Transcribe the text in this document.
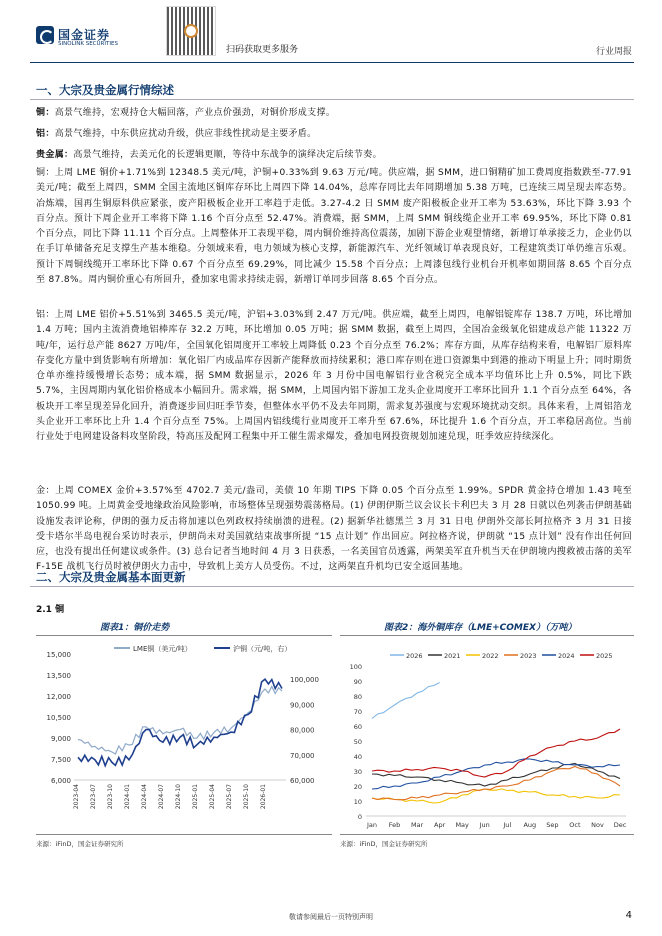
国金证券
SINOLINK SECURITIES
扫码获取更多服务	行业周报
一、大宗及贵金属行情综述
铜：高景气维持，宏观持仓大幅回落，产业点价强劲，对铜价形成支撑。
铝：高景气维持，中东供应扰动升级，供应非线性扰动是主要矛盾。
贵金属：高景气维持，去美元化的长逻辑更顺，等待中东战争的演绎决定后续节奏。
铜：上周 LME 铜价+1.71%到 12348.5 美元/吨，沪铜+0.33%到 9.63 万元/吨。供应端，据 SMM，进口铜精矿加工费周度指数跌至-77.91 美元/吨；截至上周四，SMM 全国主流地区铜库存环比上周四下降 14.04%，总库存同比去年同期增加 5.38 万吨，已连续三周呈现去库态势。冶炼端，国再生铜原料供应紧张，废产阳极板企业开工率趋于走低。3.27-4.2 日 SMM 废产阳极板企业开工率为 53.63%，环比下降 3.93 个百分点。预计下周企业开工率将下降 1.16 个百分点至 52.47%。消费端，据 SMM，上周 SMM 铜线缆企业开工率 69.95%，环比下降 0.81 个百分点，同比下降 11.11 个百分点。上周整体开工表现平稳，周内铜价维持高位震荡，加剧下游企业观望情绪，新增订单承接乏力，企业仍以在手订单储备充足支撑生产基本维稳。分领域来看，电力领域为核心支撑，新能源汽车、光纤领域订单表现良好，工程建筑类订单仍维言乐观。预计下周铜线缆开工率环比下降 0.67 个百分点至 69.29%，同比减少 15.58 个百分点；上周漆包线行业机台开机率如期回落 8.65 个百分点至 87.8%。周内铜价重心有所回升，叠加家电需求持续走弱，新增订单同步回落 8.65 个百分点。
铝：上周 LME 铝价+5.51%到 3465.5 美元/吨，沪铝+3.03%到 2.47 万元/吨。供应端，截至上周四，电解铝锭库存 138.7 万吨，环比增加 1.4 万吨；国内主流消费地铝棒库存 32.2 万吨，环比增加 0.05 万吨；据 SMM 数据，截至上周四，全国冶金级氧化铝建成总产能 11322 万吨/年，运行总产能 8627 万吨/年，全国氧化铝周度开工率较上周降低 0.23 个百分点至 76.2%；库存方面，从库存结构来看，电解铝厂原料库存变化方量中到货影响有所增加：氧化铝厂内成品库存因新产能释放而持续累积；港口库存则在进口资源集中到港的推动下明显上升；同时期货仓单亦维持缓慢增长态势；成本端，据 SMM 数据显示，2026 年 3 月份中国电解铝行业含税完全成本平均值环比上升 0.5%，同比下跌 5.7%，主因周期内氧化铝价格成本小幅回升。需求端，据 SMM，上周国内铝下游加工龙头企业周度开工率环比回升 1.1 个百分点至 64%，各板块开工率呈现差异化回升，消费逐步回归旺季节奏，但整体水平仍不及去年同期，需求复苏强度与宏观环境扰动交织。具体来看，上周铝箔龙头企业开工率环比上升 1.4 个百分点至 75%。上周国内铝线缆行业周度开工率升至 67.6%，环比提升 1.6 个百分点，开工率稳居高位。当前行业处于电网建设备料攻坚阶段，特高压及配网工程集中开工催生需求爆发，叠加电网投资规划加速兑现，旺季效应持续深化。
金：上周 COMEX 金价+3.57%至 4702.7 美元/盎司，美债 10 年期 TIPS 下降 0.05 个百分点至 1.99%。SPDR 黄金持仓增加 1.43 吨至 1050.99 吨。上周黄金受地缘政治风险影响，市场整体呈现强势震荡格局。(1) 伊朗伊斯兰议会议长卡利巴夫 3 月 28 日就以色列袭击伊朗基础设施发表评论称，伊朗的强力反击将加速以色列政权持续崩溃的进程。(2) 据新华社德黑兰 3 月 31 日电 伊朗外交部长阿拉格齐 3 月 31 日接受卡塔尔半岛电视台采访时表示，伊朗尚未对美国就结束战事所提 “15 点计划” 作出回应。阿拉格齐说，伊朗就 “15 点计划” 没有作出任何回应，也没有提出任何建议或条件。(3) 总台记者当地时间 4 月 3 日获悉，一名美国官员透露，两架美军直升机当天在伊朗境内搜救被击落的美军 F-15E 战机飞行员时被伊朗火力击中，导致机上美方人员受伤。不过，这两架直升机均已安全返回基地。
二、大宗及贵金属基本面更新
2.1 铜
图表1：铜价走势	图表2：海外铜库存（LME+COMEX）（万吨）
15,000
13,500
12,000
10,500
9,000
7,500
6,000
100,000
90,000
80,000
70,000
60,000
2023-04 2023-07 2023-10 2024-01 2024-04 2024-07 2024-10 2025-01 2025-04 2025-07 2025-10 2026-01
LME铜（美元/吨）	沪铜（元/吨，右）
100
90
80
70
60
50
40
30
20
10
0
Jan Feb Mar Apr May Jun Jul Aug Sep Oct Nov Dec
2026	2021	2022	2023	2024	2025
来源：iFinD，国金证券研究所	来源：iFinD，国金证券研究所
敬请参阅最后一页特别声明	4
